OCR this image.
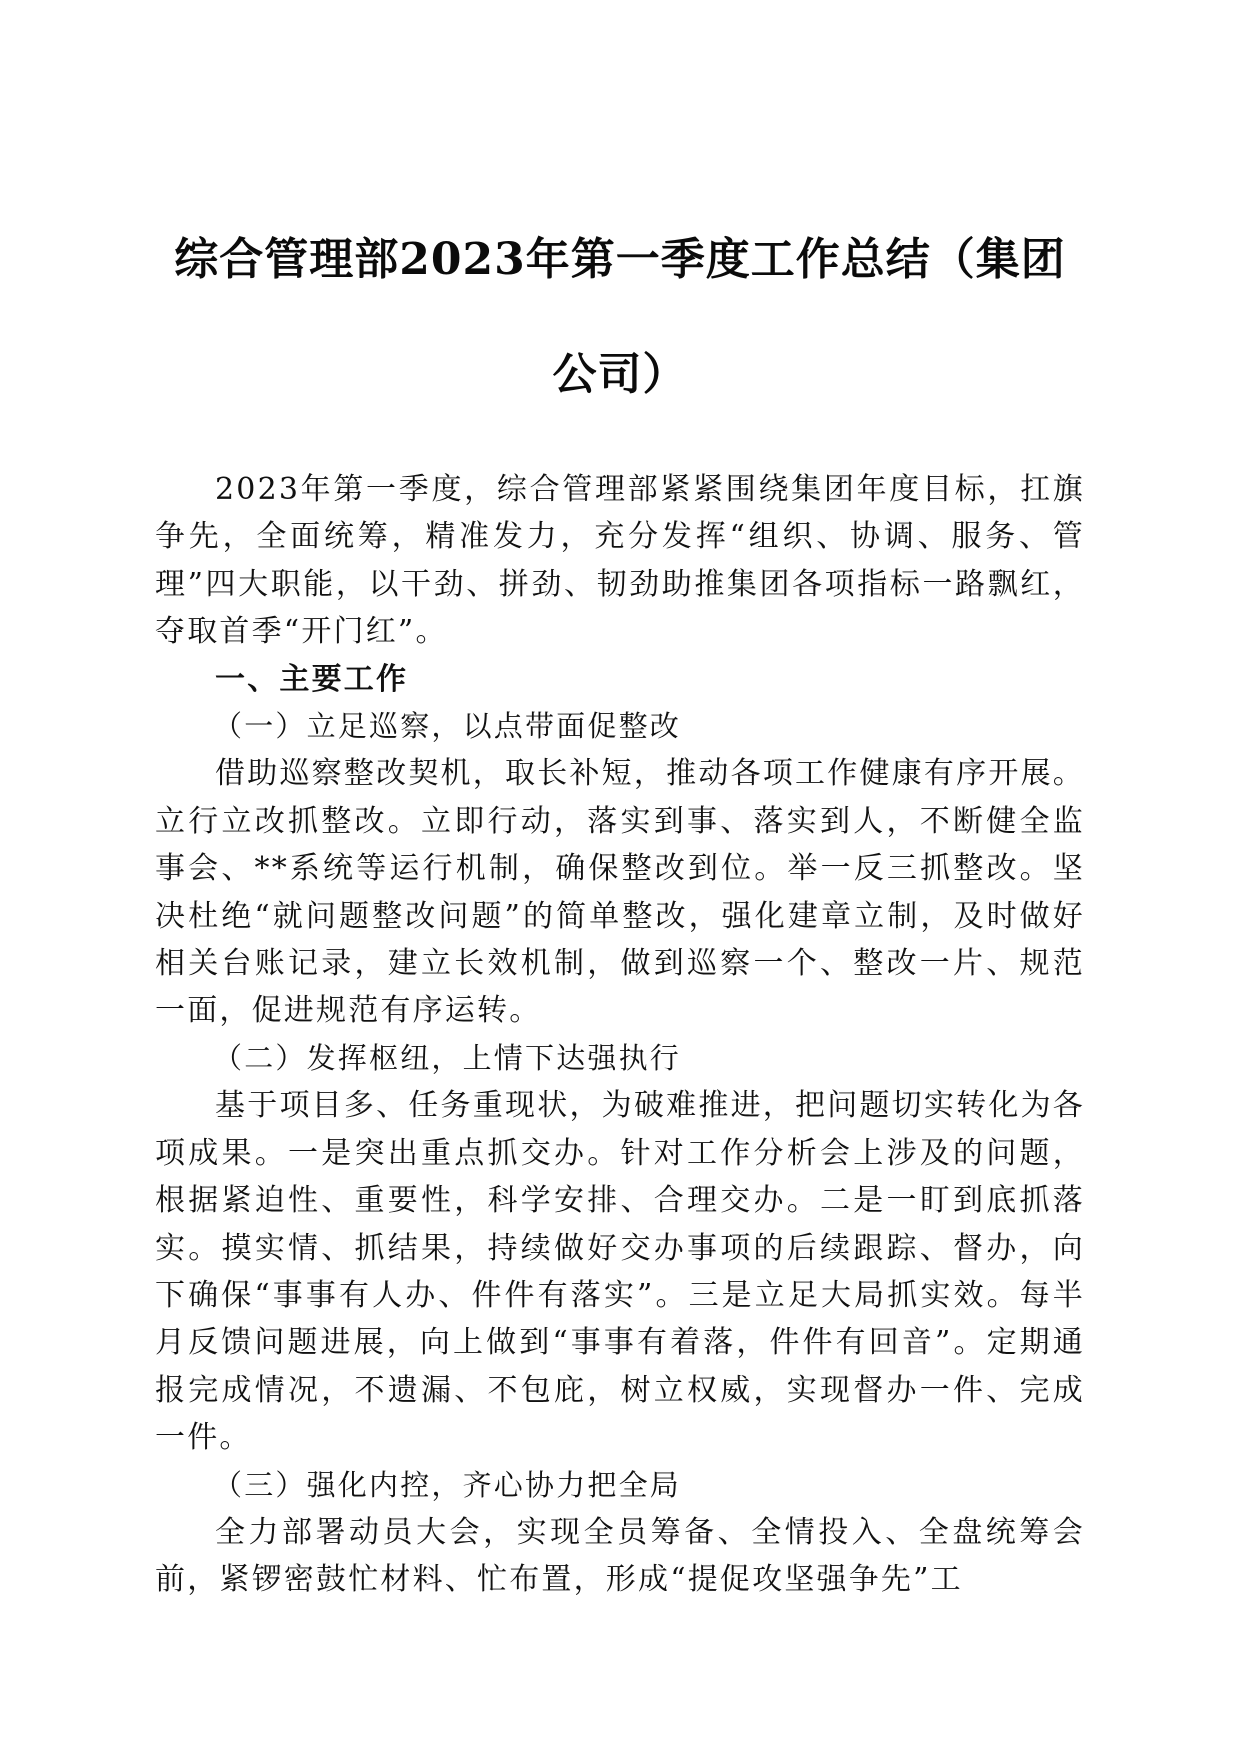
综合管理部2023年第一季度工作总结（集团
公司）

2023年第一季度，综合管理部紧紧围绕集团年度目标，扛旗争先，全面统筹，精准发力，充分发挥“组织、协调、服务、管理”四大职能，以干劲、拼劲、韧劲助推集团各项指标一路飘红，夺取首季“开门红”。

一、主要工作

（一）立足巡察，以点带面促整改

借助巡察整改契机，取长补短，推动各项工作健康有序开展。立行立改抓整改。立即行动，落实到事、落实到人，不断健全监事会、**系统等运行机制，确保整改到位。举一反三抓整改。坚决杜绝“就问题整改问题”的简单整改，强化建章立制，及时做好相关台账记录，建立长效机制，做到巡察一个、整改一片、规范一面，促进规范有序运转。

（二）发挥枢纽，上情下达强执行

基于项目多、任务重现状，为破难推进，把问题切实转化为各项成果。一是突出重点抓交办。针对工作分析会上涉及的问题，根据紧迫性、重要性，科学安排、合理交办。二是一盯到底抓落实。摸实情、抓结果，持续做好交办事项的后续跟踪、督办，向下确保“事事有人办、件件有落实”。三是立足大局抓实效。每半月反馈问题进展，向上做到“事事有着落，件件有回音”。定期通报完成情况，不遗漏、不包庇，树立权威，实现督办一件、完成一件。

（三）强化内控，齐心协力把全局

全力部署动员大会，实现全员筹备、全情投入、全盘统筹会前，紧锣密鼓忙材料、忙布置，形成“提促攻坚强争先”工
